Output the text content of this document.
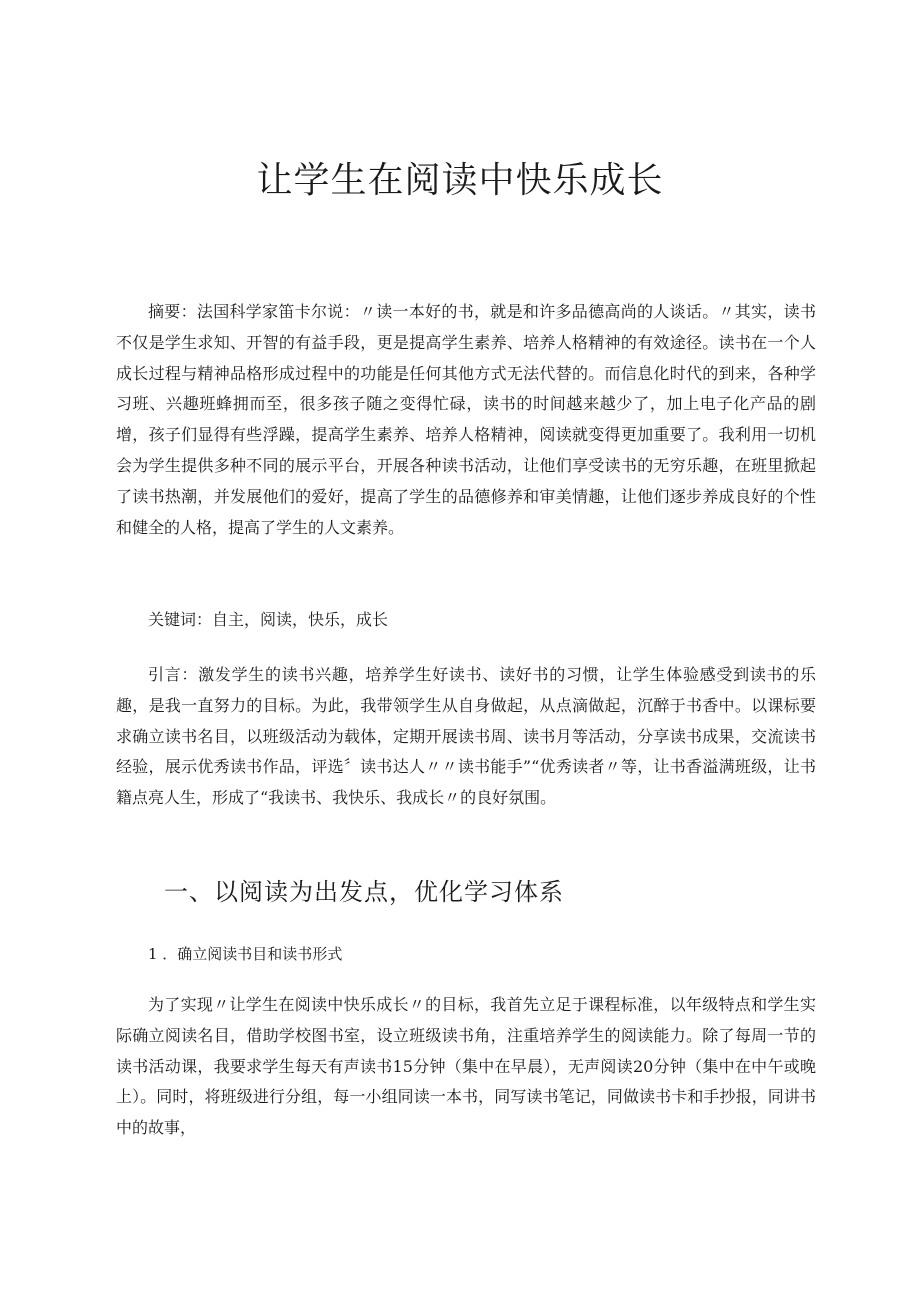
让学生在阅读中快乐成长

摘要：法国科学家笛卡尔说：〃读一本好的书，就是和许多品德高尚的人谈话。〃其实，读书不仅是学生求知、开智的有益手段，更是提高学生素养、培养人格精神的有效途径。读书在一个人成长过程与精神品格形成过程中的功能是任何其他方式无法代替的。而信息化时代的到来，各种学习班、兴趣班蜂拥而至，很多孩子随之变得忙碌，读书的时间越来越少了，加上电子化产品的剧增，孩子们显得有些浮躁，提高学生素养、培养人格精神，阅读就变得更加重要了。我利用一切机会为学生提供多种不同的展示平台，开展各种读书活动，让他们享受读书的无穷乐趣，在班里掀起了读书热潮，并发展他们的爱好，提高了学生的品德修养和审美情趣，让他们逐步养成良好的个性和健全的人格，提高了学生的人文素养。

关键词：自主，阅读，快乐，成长

引言：激发学生的读书兴趣，培养学生好读书、读好书的习惯，让学生体验感受到读书的乐趣，是我一直努力的目标。为此，我带领学生从自身做起，从点滴做起，沉醉于书香中。以课标要求确立读书名目，以班级活动为载体，定期开展读书周、读书月等活动，分享读书成果，交流读书经验，展示优秀读书作品，评选〞读书达人〃〃读书能手”“优秀读者〃等，让书香溢满班级，让书籍点亮人生，形成了“我读书、我快乐、我成长〃的良好氛围。

一、以阅读为出发点，优化学习体系

1 ．确立阅读书目和读书形式

为了实现〃让学生在阅读中快乐成长〃的目标，我首先立足于课程标准，以年级特点和学生实际确立阅读名目，借助学校图书室，设立班级读书角，注重培养学生的阅读能力。除了每周一节的读书活动课，我要求学生每天有声读书15分钟（集中在早晨），无声阅读20分钟（集中在中午或晚上）。同时，将班级进行分组，每一小组同读一本书，同写读书笔记，同做读书卡和手抄报，同讲书中的故事，
